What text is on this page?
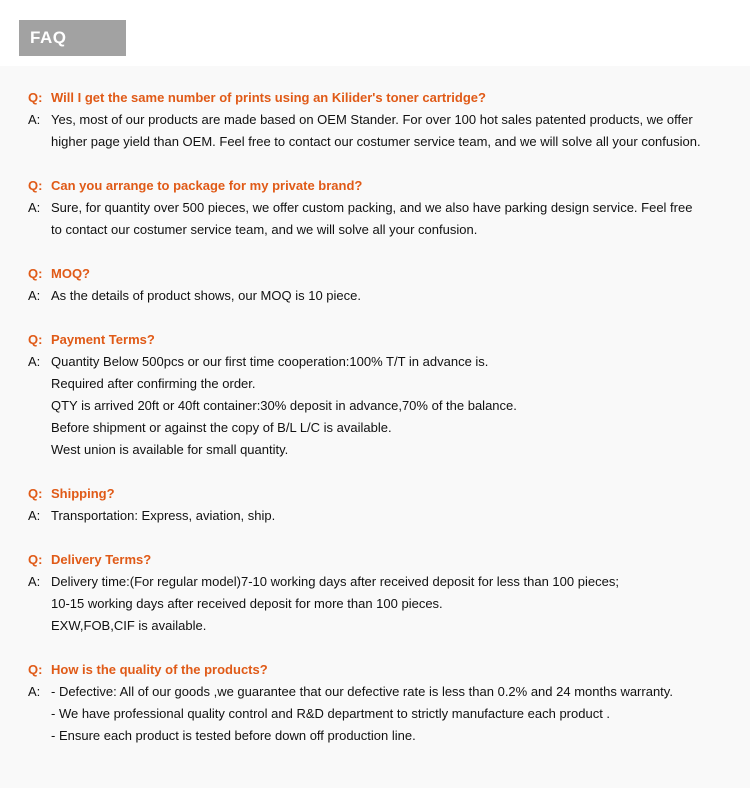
FAQ
Q: Will I get the same number of prints using an Kilider's toner cartridge?
A: Yes, most of our products are made based on OEM Stander. For over 100 hot sales patented products, we offer
higher page yield than OEM. Feel free to contact our costumer service team, and we will solve all your confusion.
Q: Can you arrange to package for my private brand?
A: Sure, for quantity over 500 pieces, we offer custom packing, and we also have parking design service. Feel free
to contact our costumer service team, and we will solve all your confusion.
Q: MOQ?
A: As the details of product shows, our MOQ is 10 piece.
Q: Payment Terms?
A: Quantity Below 500pcs or our first time cooperation:100% T/T in advance is.
Required after confirming the order.
QTY is arrived 20ft or 40ft container:30% deposit in advance,70% of the balance.
Before shipment or against the copy of B/L L/C is available.
West union is available for small quantity.
Q: Shipping?
A: Transportation: Express, aviation, ship.
Q: Delivery Terms?
A: Delivery time:(For regular model)7-10 working days after received deposit for less than 100 pieces;
10-15 working days after received deposit for more than 100 pieces.
EXW,FOB,CIF is available.
Q: How is the quality of the products?
A: - Defective: All of our goods ,we guarantee that our defective rate is less than 0.2% and 24 months warranty.
- We have professional quality control and R&D department to strictly manufacture each product .
- Ensure each product is tested before down off production line.
